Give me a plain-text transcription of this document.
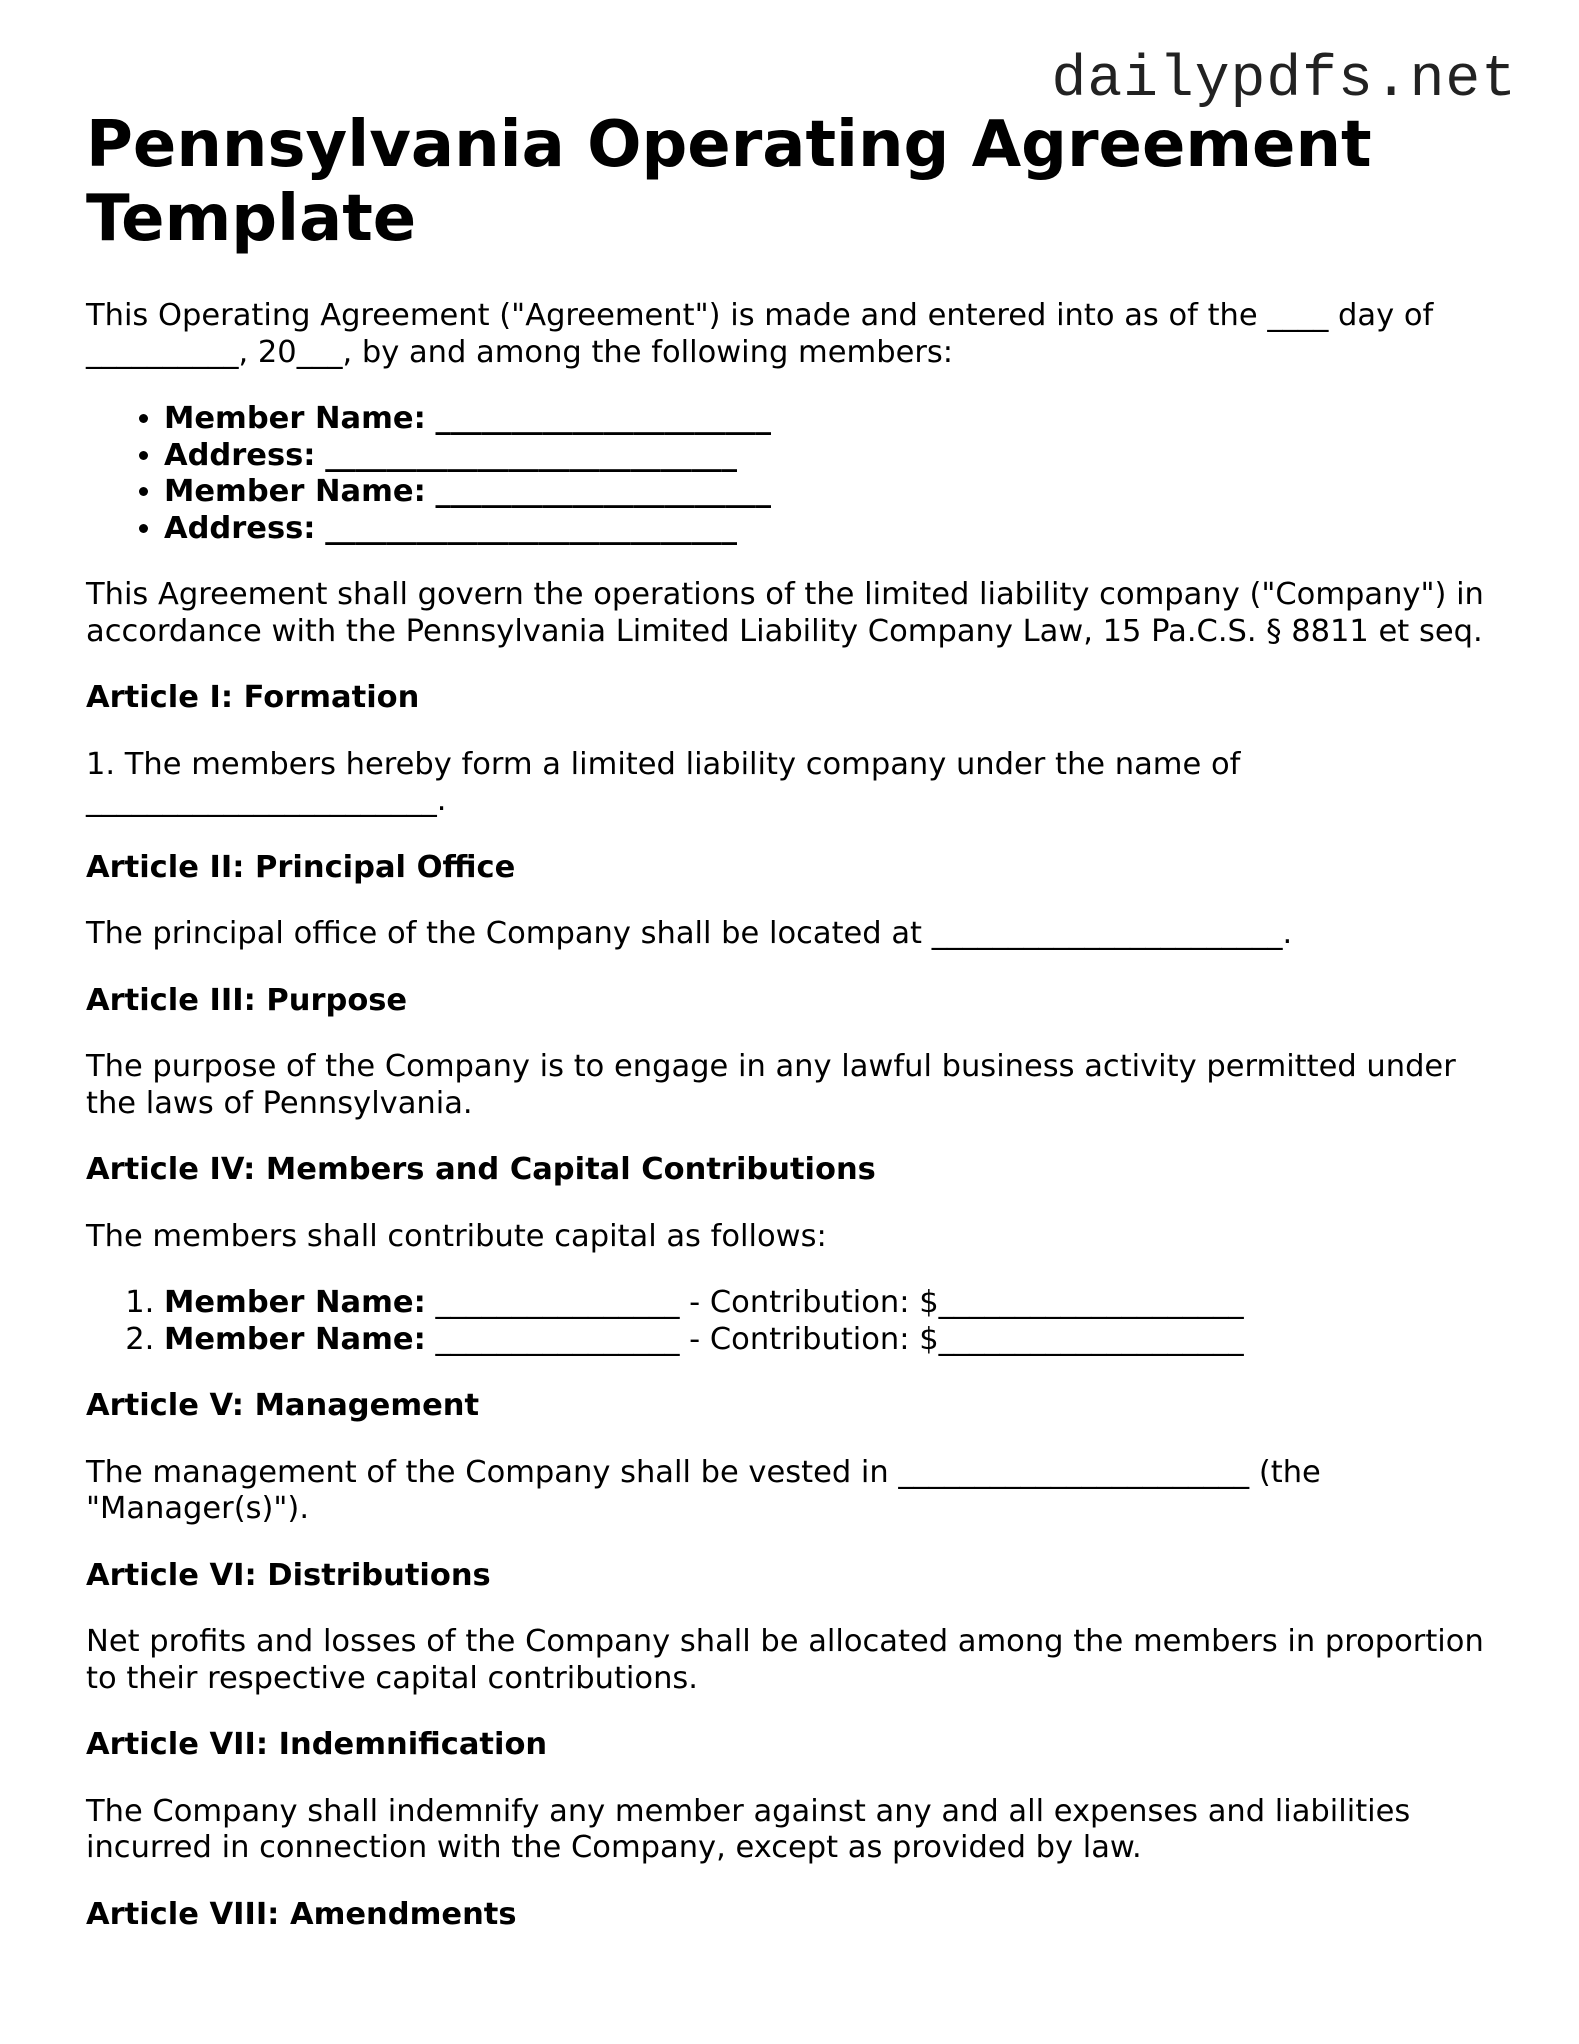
dailypdfs.net
Pennsylvania Operating Agreement Template

This Operating Agreement ("Agreement") is made and entered into as of the ____ day of __________, 20___, by and among the following members:

• Member Name: ______________________
• Address: ___________________________
• Member Name: ______________________
• Address: ___________________________

This Agreement shall govern the operations of the limited liability company ("Company") in accordance with the Pennsylvania Limited Liability Company Law, 15 Pa.C.S. § 8811 et seq.

Article I: Formation

1. The members hereby form a limited liability company under the name of _______________________.

Article II: Principal Office

The principal office of the Company shall be located at _______________________.

Article III: Purpose

The purpose of the Company is to engage in any lawful business activity permitted under the laws of Pennsylvania.

Article IV: Members and Capital Contributions

The members shall contribute capital as follows:

1. Member Name: ________________ - Contribution: $____________________
2. Member Name: ________________ - Contribution: $____________________
Article V: Management

The management of the Company shall be vested in _______________________ (the "Manager(s)").

Article VI: Distributions

Net profits and losses of the Company shall be allocated among the members in proportion to their respective capital contributions.

Article VII: Indemnification

The Company shall indemnify any member against any and all expenses and liabilities incurred in connection with the Company, except as provided by law.

Article VIII: Amendments
